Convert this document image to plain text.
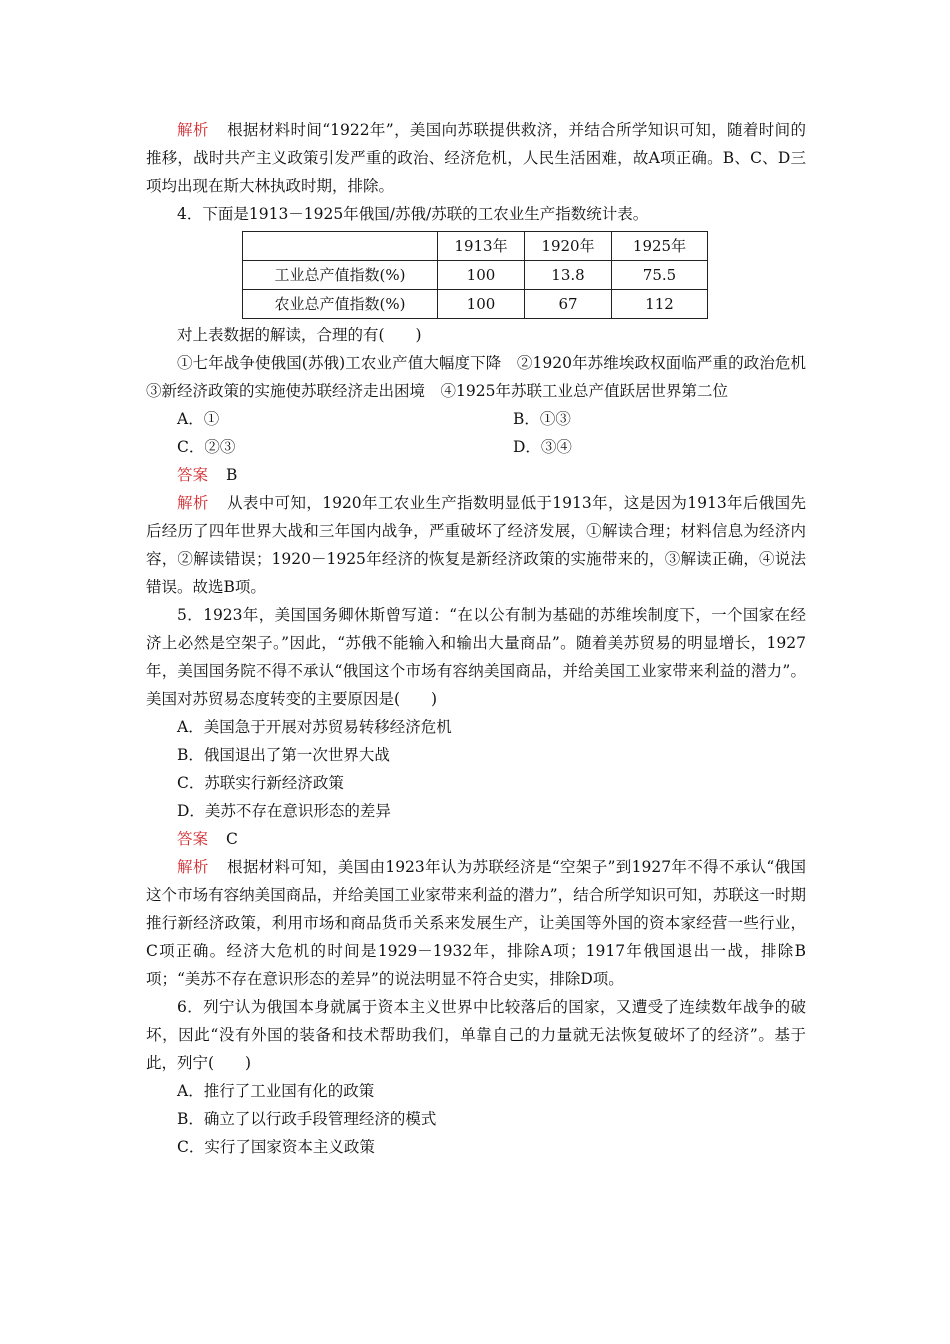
解析 根据材料时间“1922年”，美国向苏联提供救济，并结合所学知识可知，随着时间的推移，战时共产主义政策引发严重的政治、经济危机，人民生活困难，故A项正确。B、C、D三项均出现在斯大林执政时期，排除。

4．下面是1913－1925年俄国/苏俄/苏联的工农业生产指数统计表。

	1913年	1920年	1925年
工业总产值指数(%)	100	13.8	75.5
农业总产值指数(%)	100	67	112

对上表数据的解读，合理的有(　　)

①七年战争使俄国(苏俄)工农业产值大幅度下降　②1920年苏维埃政权面临严重的政治危机　③新经济政策的实施使苏联经济走出困境　④1925年苏联工业总产值跃居世界第二位

A．①	B．①③
C．②③	D．③④

答案 B

解析 从表中可知，1920年工农业生产指数明显低于1913年，这是因为1913年后俄国先后经历了四年世界大战和三年国内战争，严重破坏了经济发展，①解读合理；材料信息为经济内容，②解读错误；1920－1925年经济的恢复是新经济政策的实施带来的，③解读正确，④说法错误。故选B项。

5．1923年，美国国务卿休斯曾写道：“在以公有制为基础的苏维埃制度下，一个国家在经济上必然是空架子。”因此，“苏俄不能输入和输出大量商品”。随着美苏贸易的明显增长，1927年，美国国务院不得不承认“俄国这个市场有容纳美国商品，并给美国工业家带来利益的潜力”。美国对苏贸易态度转变的主要原因是(　　)

A．美国急于开展对苏贸易转移经济危机

B．俄国退出了第一次世界大战

C．苏联实行新经济政策

D．美苏不存在意识形态的差异

答案 C

解析 根据材料可知，美国由1923年认为苏联经济是“空架子”到1927年不得不承认“俄国这个市场有容纳美国商品，并给美国工业家带来利益的潜力”，结合所学知识可知，苏联这一时期推行新经济政策，利用市场和商品货币关系来发展生产，让美国等外国的资本家经营一些行业，C项正确。经济大危机的时间是1929－1932年，排除A项；1917年俄国退出一战，排除B项；“美苏不存在意识形态的差异”的说法明显不符合史实，排除D项。

6．列宁认为俄国本身就属于资本主义世界中比较落后的国家，又遭受了连续数年战争的破坏，因此“没有外国的装备和技术帮助我们，单靠自己的力量就无法恢复破坏了的经济”。基于此，列宁(　　)

A．推行了工业国有化的政策

B．确立了以行政手段管理经济的模式

C．实行了国家资本主义政策
